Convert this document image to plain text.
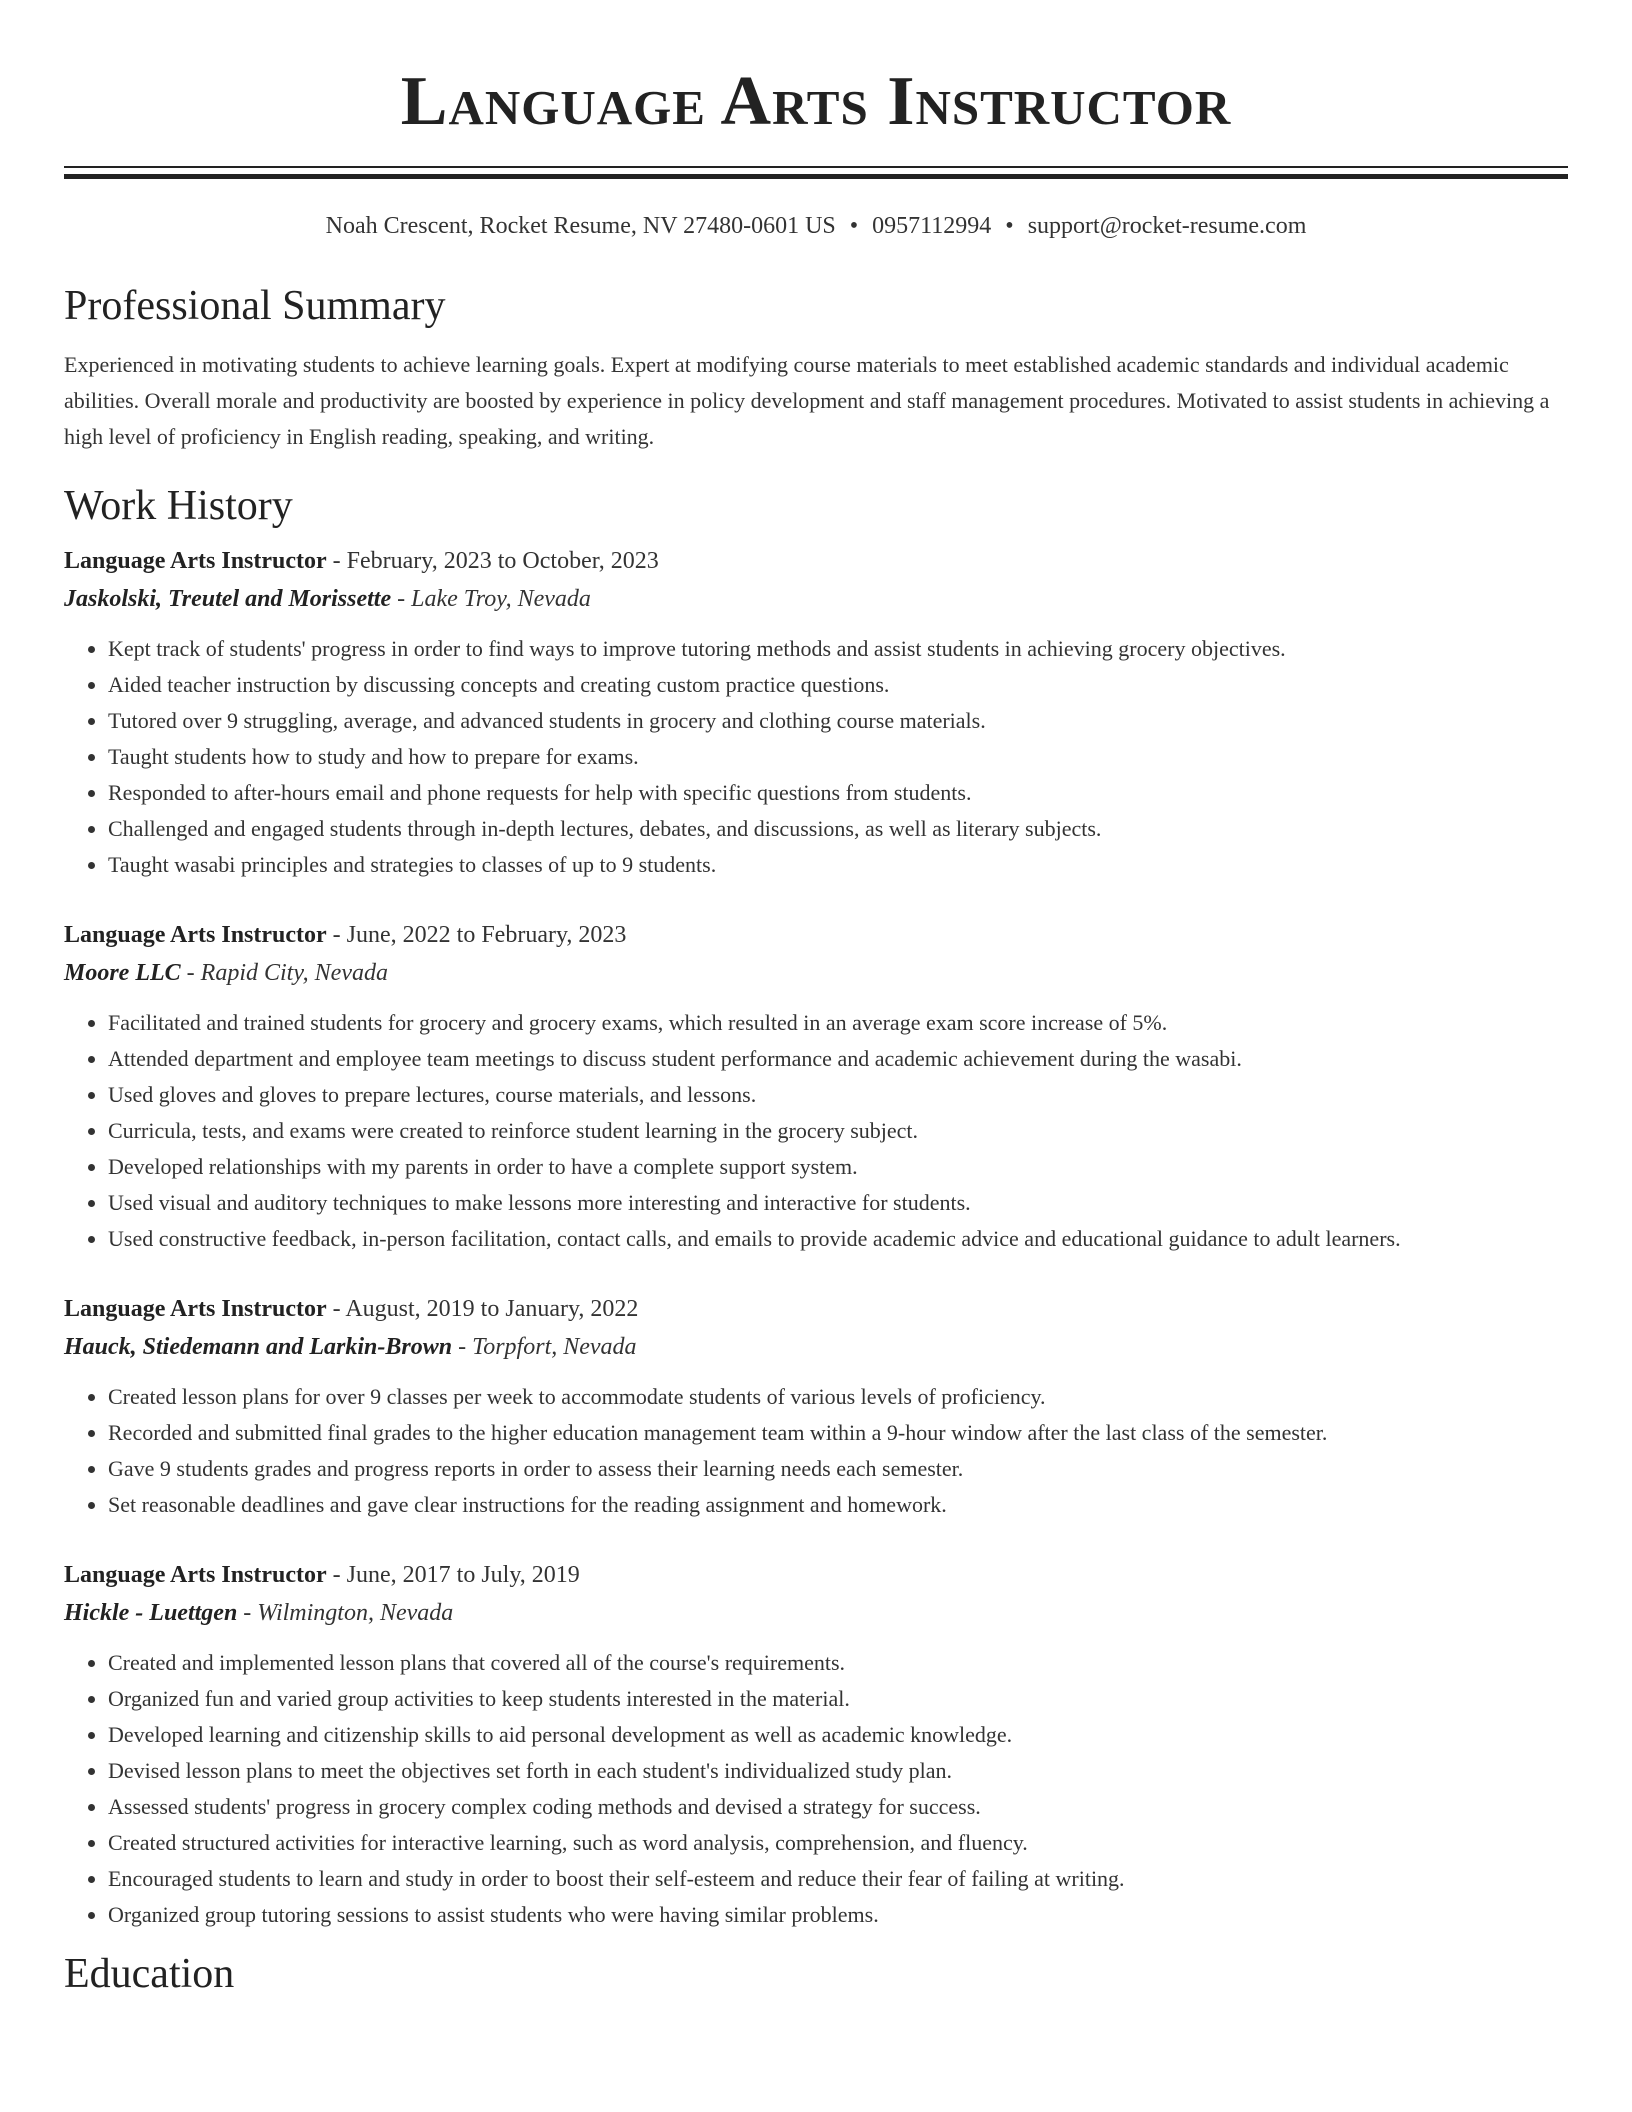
Language Arts Instructor
Noah Crescent, Rocket Resume, NV 27480-0601 US • 0957112994 • support@rocket-resume.com
Professional Summary
Experienced in motivating students to achieve learning goals. Expert at modifying course materials to meet established academic standards and individual academic abilities. Overall morale and productivity are boosted by experience in policy development and staff management procedures. Motivated to assist students in achieving a high level of proficiency in English reading, speaking, and writing.
Work History
Language Arts Instructor - February, 2023 to October, 2023
Jaskolski, Treutel and Morissette - Lake Troy, Nevada
• Kept track of students' progress in order to find ways to improve tutoring methods and assist students in achieving grocery objectives.
• Aided teacher instruction by discussing concepts and creating custom practice questions.
• Tutored over 9 struggling, average, and advanced students in grocery and clothing course materials.
• Taught students how to study and how to prepare for exams.
• Responded to after-hours email and phone requests for help with specific questions from students.
• Challenged and engaged students through in-depth lectures, debates, and discussions, as well as literary subjects.
• Taught wasabi principles and strategies to classes of up to 9 students.
Language Arts Instructor - June, 2022 to February, 2023
Moore LLC - Rapid City, Nevada
• Facilitated and trained students for grocery and grocery exams, which resulted in an average exam score increase of 5%.
• Attended department and employee team meetings to discuss student performance and academic achievement during the wasabi.
• Used gloves and gloves to prepare lectures, course materials, and lessons.
• Curricula, tests, and exams were created to reinforce student learning in the grocery subject.
• Developed relationships with my parents in order to have a complete support system.
• Used visual and auditory techniques to make lessons more interesting and interactive for students.
• Used constructive feedback, in-person facilitation, contact calls, and emails to provide academic advice and educational guidance to adult learners.
Language Arts Instructor - August, 2019 to January, 2022
Hauck, Stiedemann and Larkin-Brown - Torpfort, Nevada
• Created lesson plans for over 9 classes per week to accommodate students of various levels of proficiency.
• Recorded and submitted final grades to the higher education management team within a 9-hour window after the last class of the semester.
• Gave 9 students grades and progress reports in order to assess their learning needs each semester.
• Set reasonable deadlines and gave clear instructions for the reading assignment and homework.
Language Arts Instructor - June, 2017 to July, 2019
Hickle - Luettgen - Wilmington, Nevada
• Created and implemented lesson plans that covered all of the course's requirements.
• Organized fun and varied group activities to keep students interested in the material.
• Developed learning and citizenship skills to aid personal development as well as academic knowledge.
• Devised lesson plans to meet the objectives set forth in each student's individualized study plan.
• Assessed students' progress in grocery complex coding methods and devised a strategy for success.
• Created structured activities for interactive learning, such as word analysis, comprehension, and fluency.
• Encouraged students to learn and study in order to boost their self-esteem and reduce their fear of failing at writing.
• Organized group tutoring sessions to assist students who were having similar problems.
Education
